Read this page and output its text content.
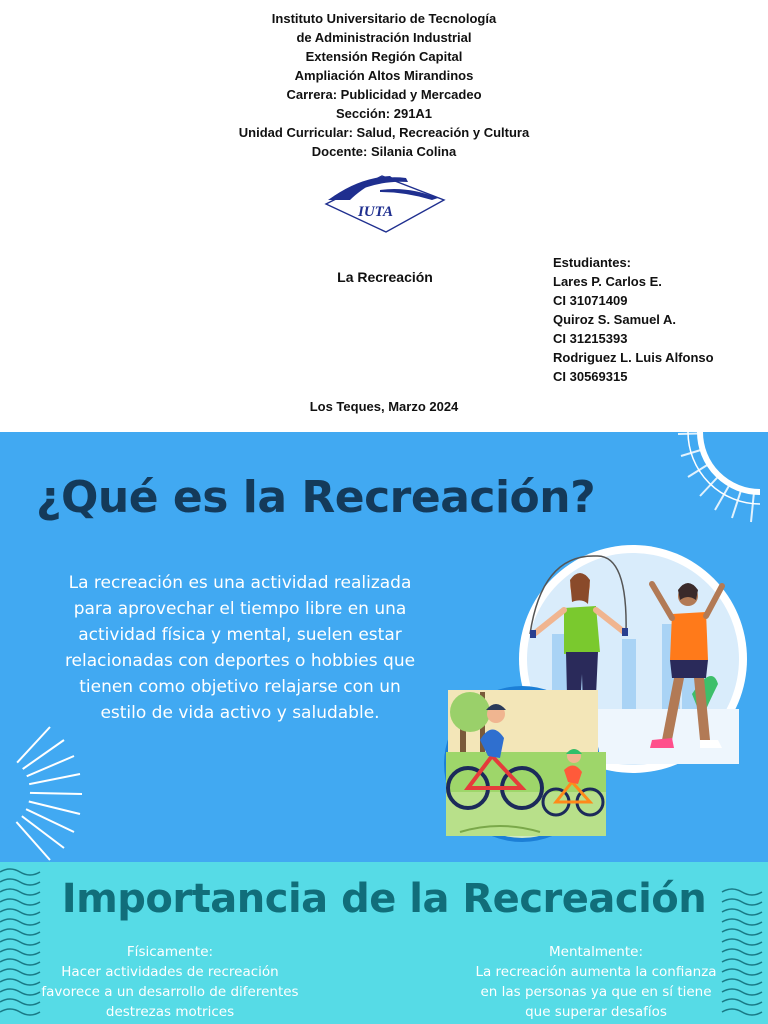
Instituto Universitario de Tecnología
de Administración Industrial
Extensión Región Capital
Ampliación Altos Mirandinos
Carrera: Publicidad y Mercadeo
Sección: 291A1
Unidad Curricular: Salud, Recreación y Cultura
Docente: Silania Colina
IUTA
La Recreación
Estudiantes:
Lares P. Carlos E.
CI 31071409
Quiroz S. Samuel A.
CI 31215393
Rodriguez L. Luis Alfonso
CI 30569315
Los Teques, Marzo 2024
¿Qué es la Recreación?
La recreación es una actividad realizada para aprovechar el tiempo libre en una actividad física y mental, suelen estar relacionadas con deportes o hobbies que tienen como objetivo relajarse con un estilo de vida activo y saludable.
Importancia de la Recreación
Físicamente:
Hacer actividades de recreación favorece a un desarrollo de diferentes destrezas motrices
Mentalmente:
La recreación aumenta la confianza en las personas ya que en sí tiene que superar desafíos
